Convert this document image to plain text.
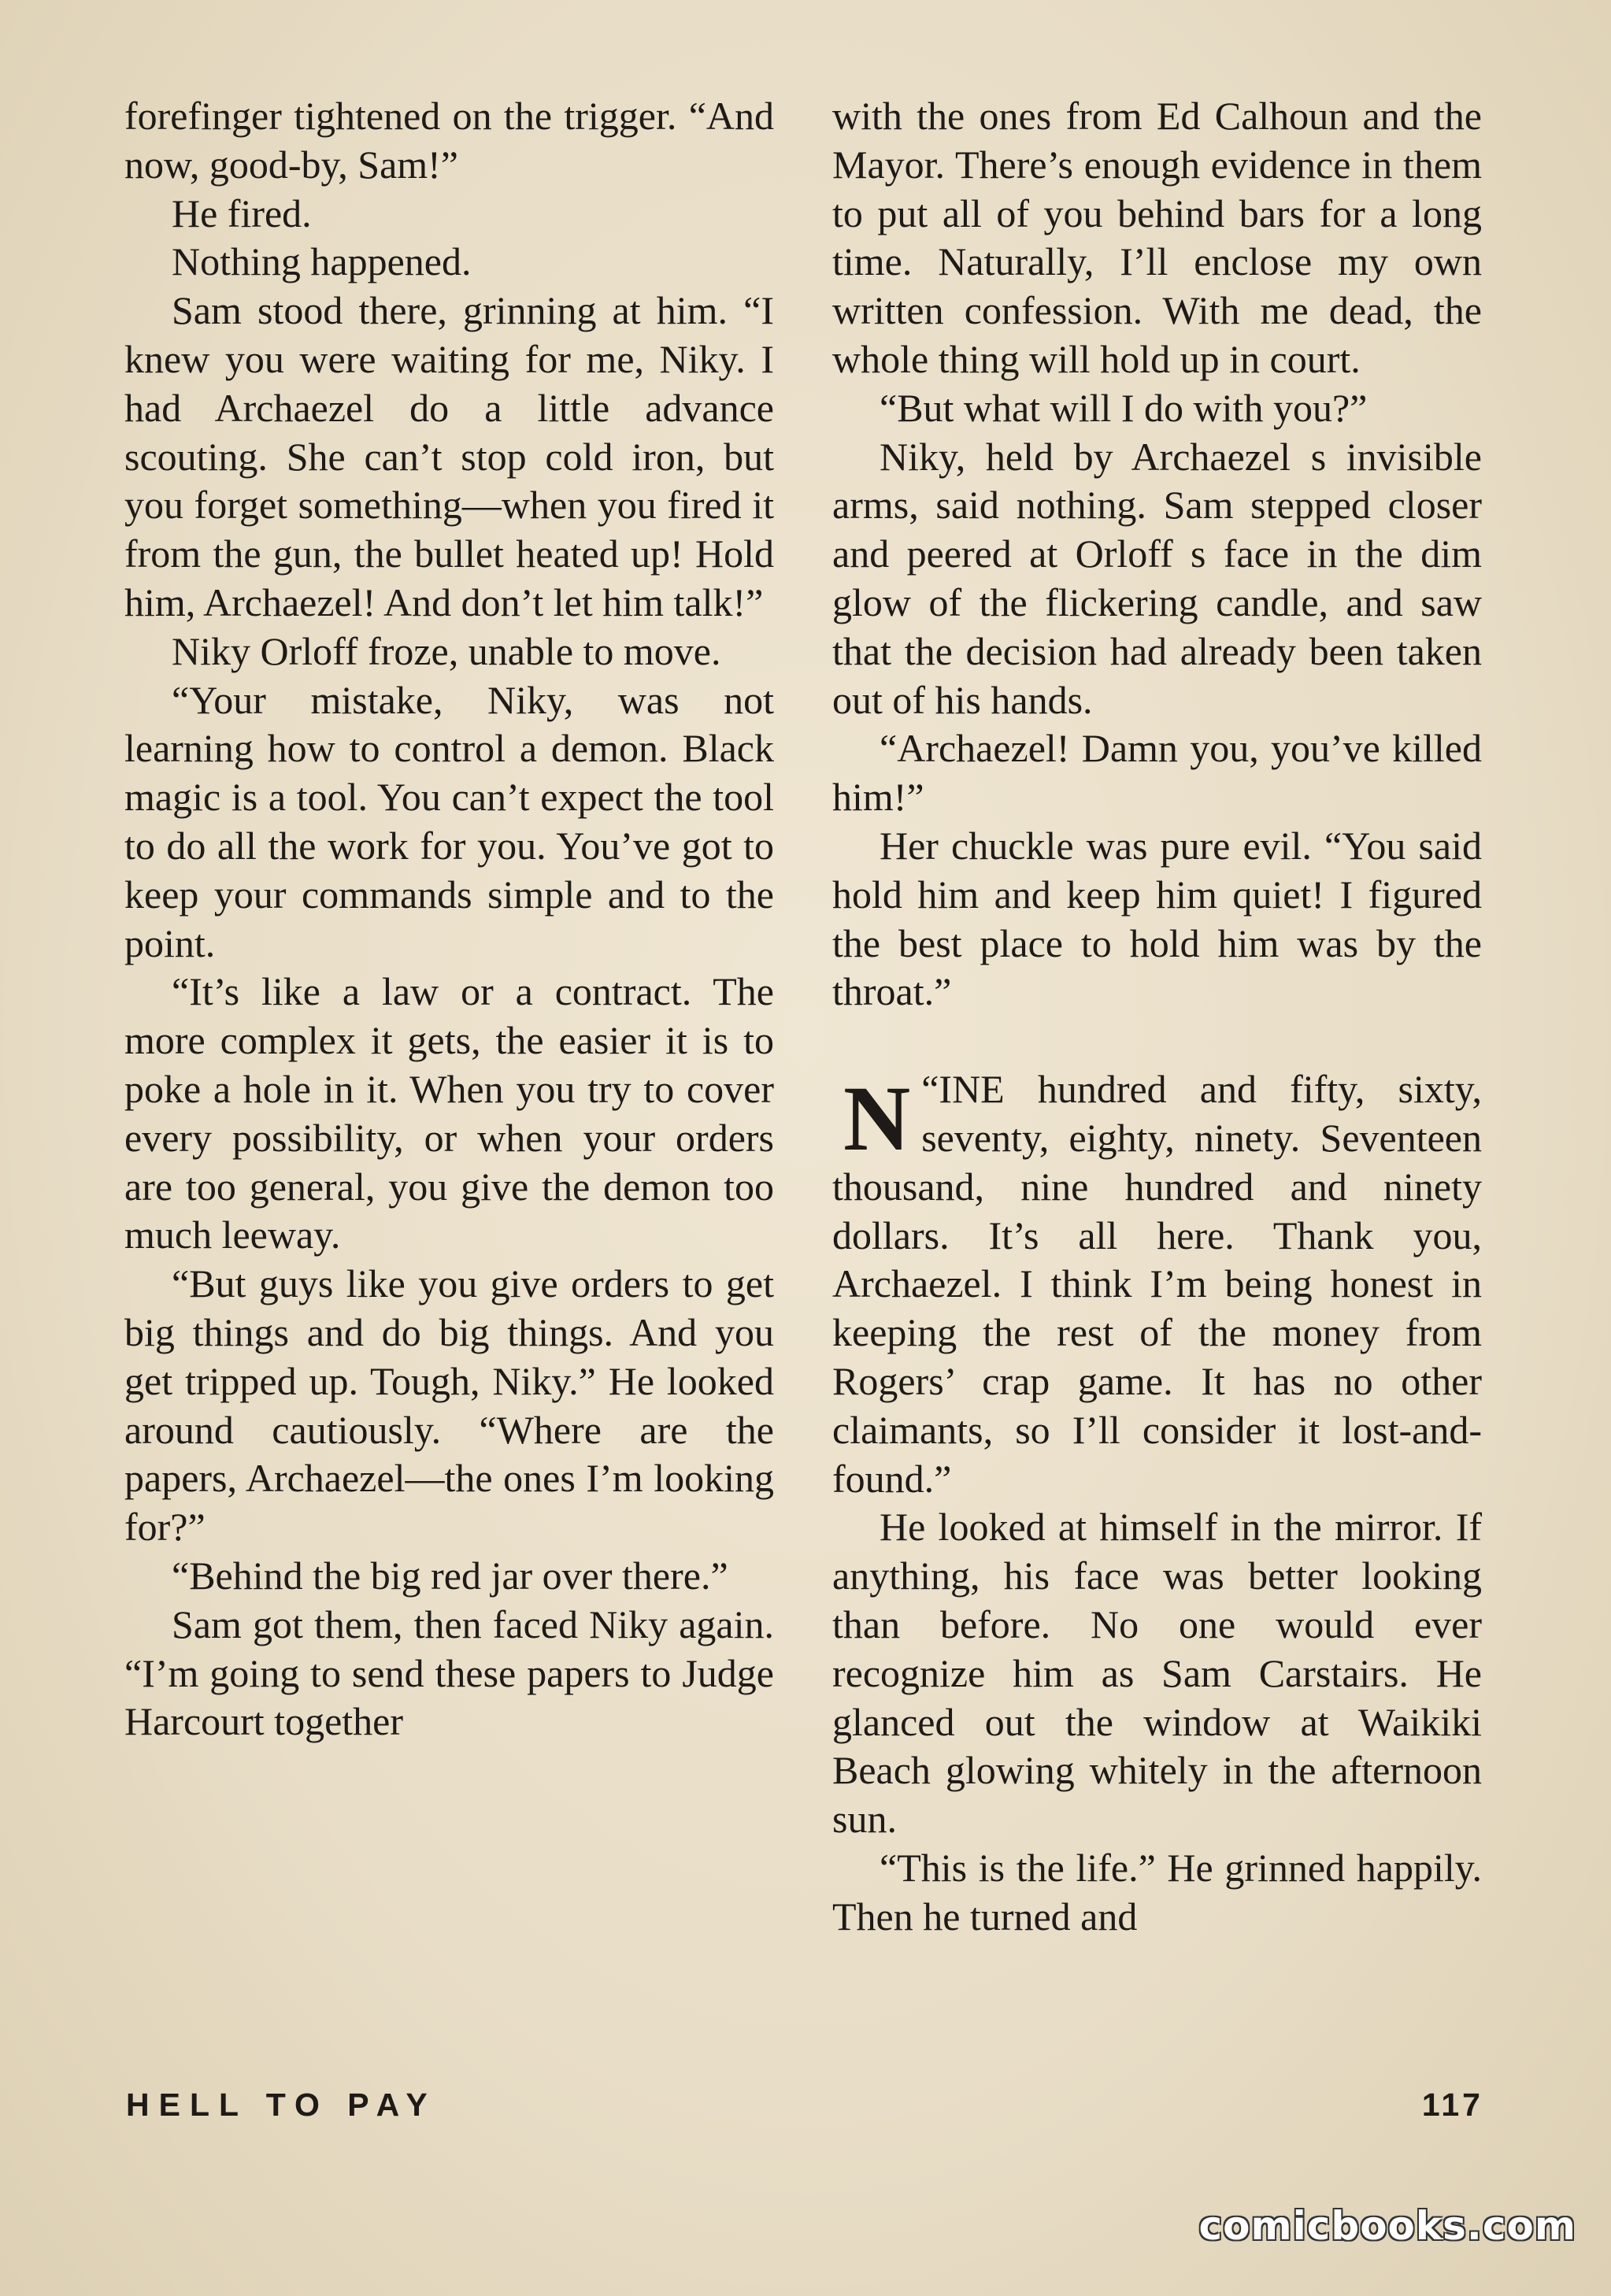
forefinger tightened on the trigger. “And now, good-by, Sam!”

He fired.

Nothing happened.

Sam stood there, grinning at him. “I knew you were waiting for me, Niky. I had Archaezel do a little advance scouting. She can’t stop cold iron, but you forget something—when you fired it from the gun, the bullet heated up! Hold him, Archaezel! And don’t let him talk!”

Niky Orloff froze, unable to move.

“Your mistake, Niky, was not learning how to control a demon. Black magic is a tool. You can’t expect the tool to do all the work for you. You’ve got to keep your commands simple and to the point.

“It’s like a law or a contract. The more complex it gets, the easier it is to poke a hole in it. When you try to cover every possibility, or when your orders are too general, you give the demon too much leeway.

“But guys like you give orders to get big things and do big things. And you get tripped up. Tough, Niky.” He looked around cautiously. “Where are the papers, Archaezel—the ones I’m looking for?”

“Behind the big red jar over there.”

Sam got them, then faced Niky again. “I’m going to send these papers to Judge Harcourt together

with the ones from Ed Calhoun and the Mayor. There’s enough evidence in them to put all of you behind bars for a long time. Naturally, I’ll enclose my own written confession. With me dead, the whole thing will hold up in court.

“But what will I do with you?”

Niky, held by Archaezel s invisible arms, said nothing. Sam stepped closer and peered at Orloff s face in the dim glow of the flickering candle, and saw that the decision had already been taken out of his hands.

“Archaezel! Damn you, you’ve killed him!”

Her chuckle was pure evil. “You said hold him and keep him quiet! I figured the best place to hold him was by the throat.”

“
N INE hundred and fifty, sixty, seventy, eighty, ninety. Seventeen thousand, nine hundred and ninety dollars. It’s all here. Thank you, Archaezel. I think I’m being honest in keeping the rest of the money from Rogers’ crap game. It has no other claimants, so I’ll consider it lost-and-found.”

He looked at himself in the mirror. If anything, his face was better looking than before. No one would ever recognize him as Sam Carstairs. He glanced out the window at Waikiki Beach glowing whitely in the afternoon sun.

“This is the life.” He grinned happily. Then he turned and

HELL TO PAY	117
comicbooks.com
